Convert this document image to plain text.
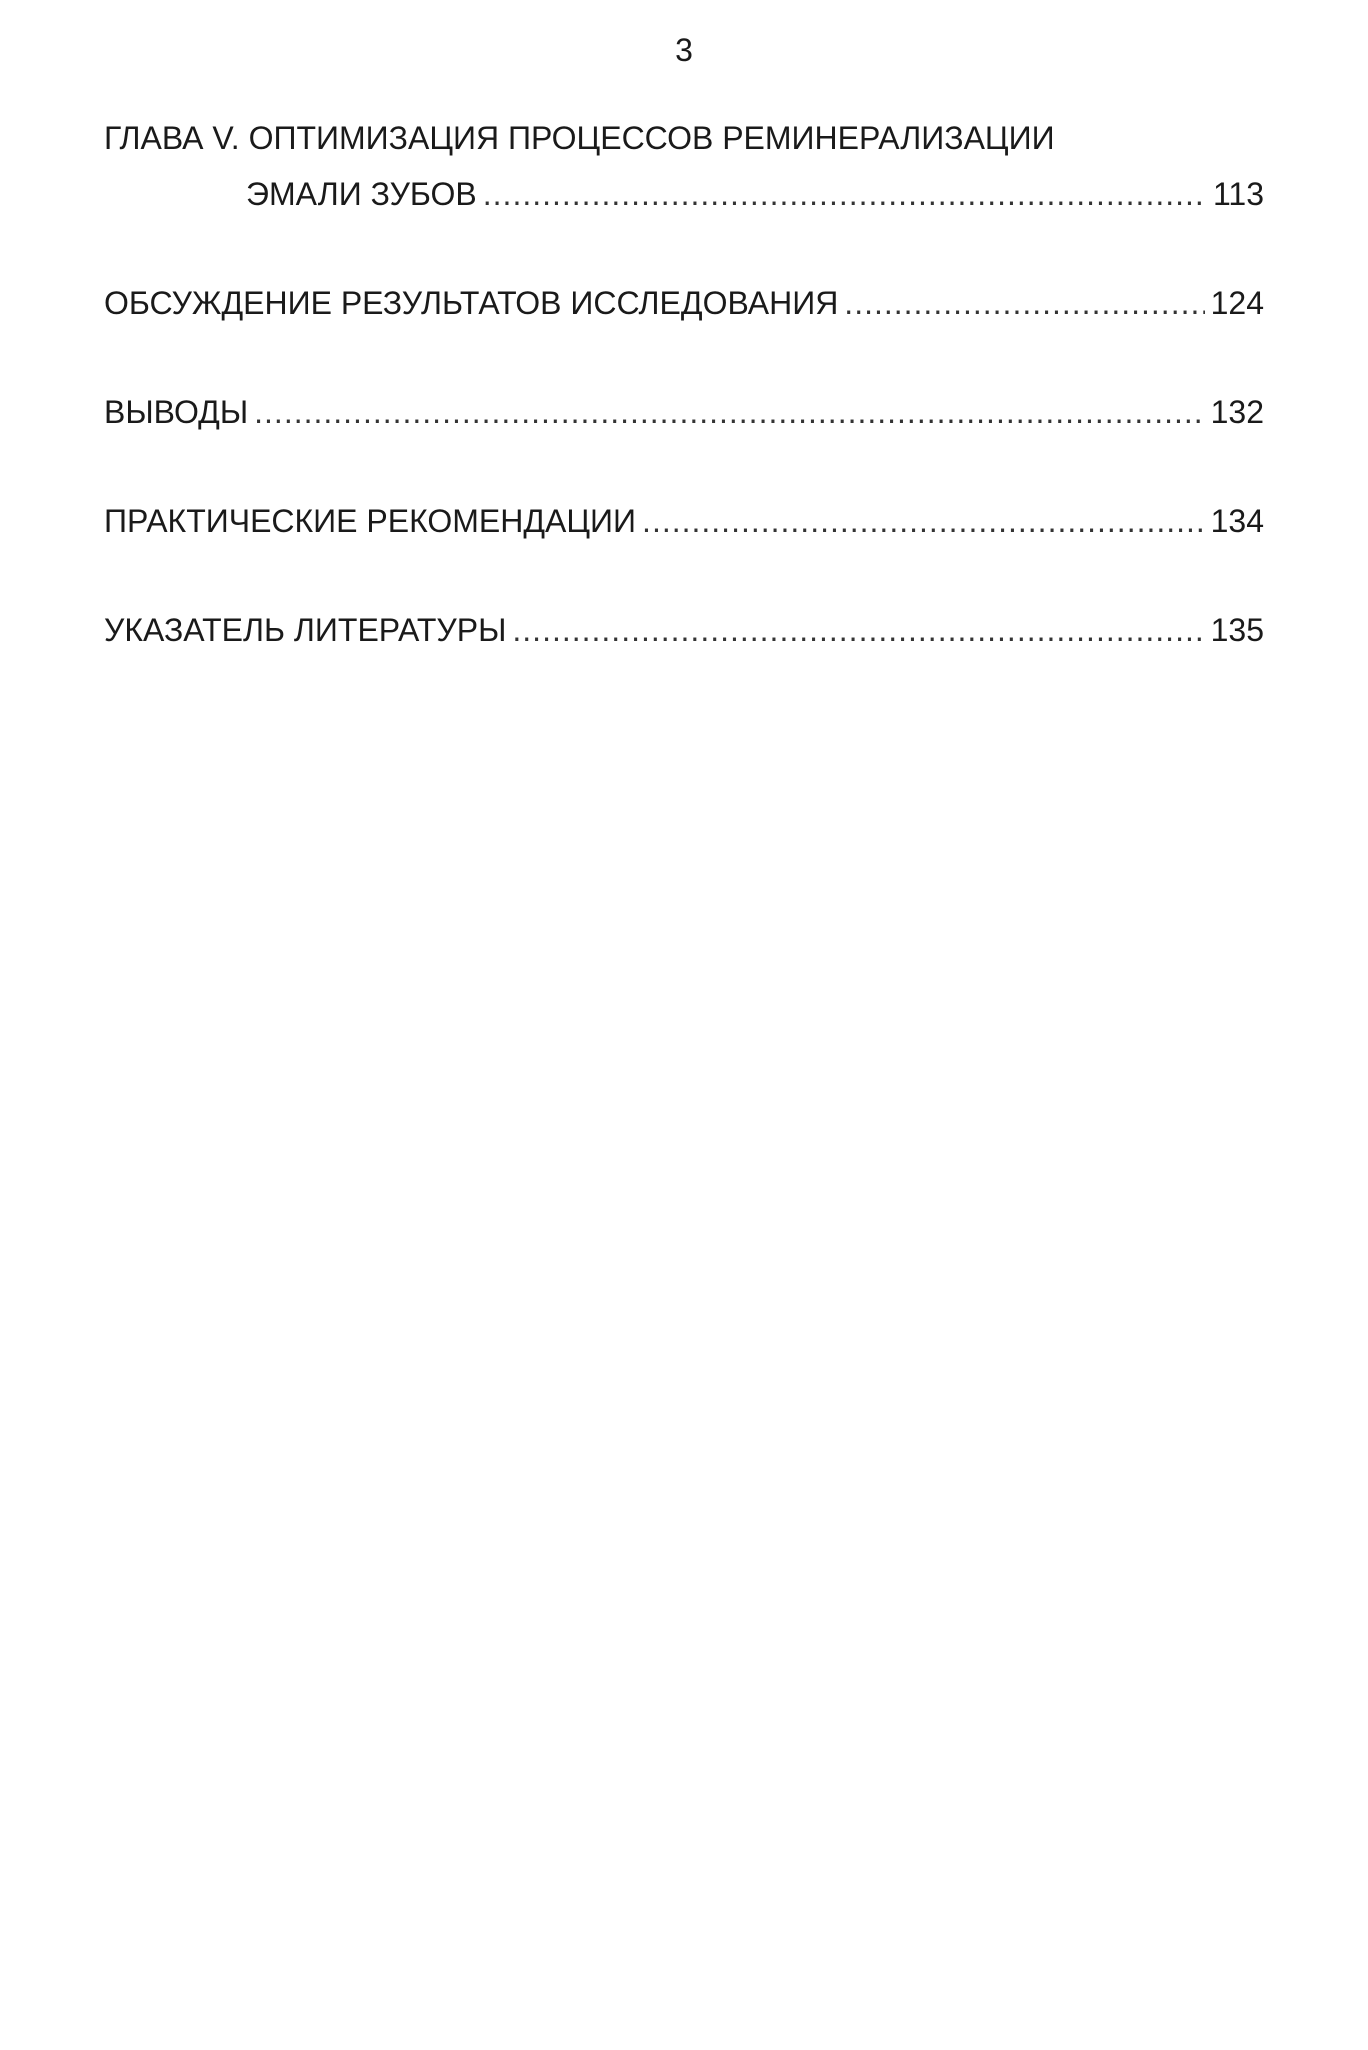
3
ГЛАВА V. ОПТИМИЗАЦИЯ ПРОЦЕССОВ РЕМИНЕРАЛИЗАЦИИ
ЭМАЛИ ЗУБОВ .....	113
ОБСУЖДЕНИЕ РЕЗУЛЬТАТОВ ИССЛЕДОВАНИЯ .....	124
ВЫВОДЫ .....	132
ПРАКТИЧЕСКИЕ РЕКОМЕНДАЦИИ .....	134
УКАЗАТЕЛЬ ЛИТЕРАТУРЫ .....	135
